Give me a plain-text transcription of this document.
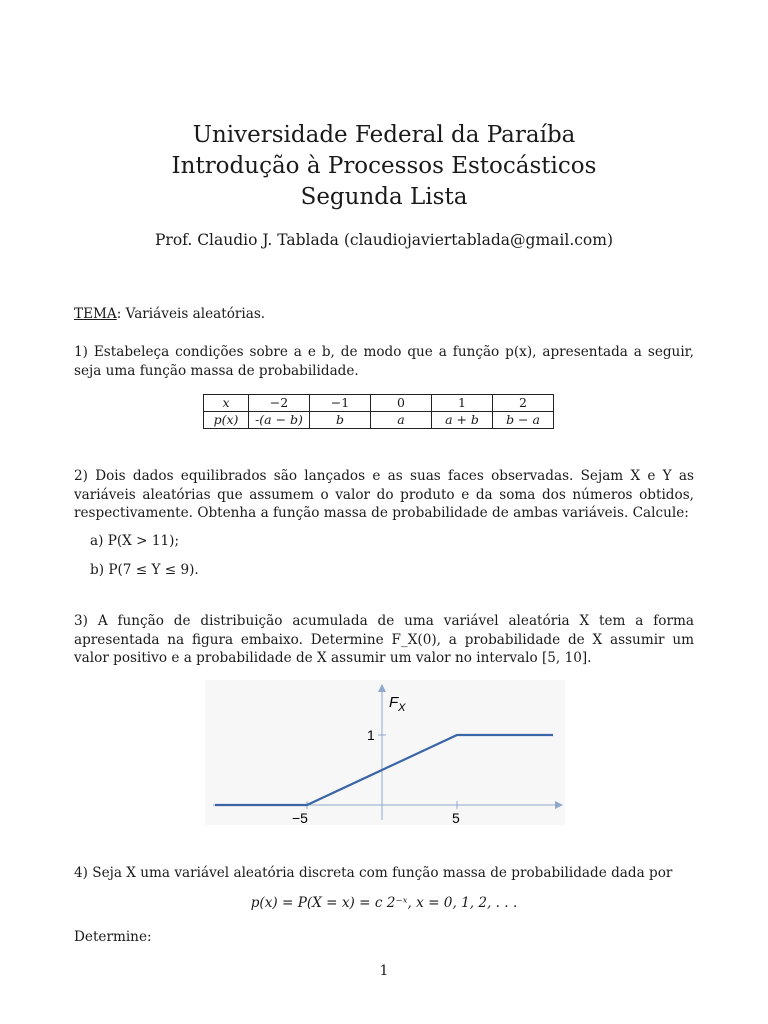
Universidade Federal da Paraíba
Introdução à Processos Estocásticos
Segunda Lista
Prof. Claudio J. Tablada (claudiojaviertablada@gmail.com)
TEMA: Variáveis aleatórias.
1) Estabeleça condições sobre a e b, de modo que a função p(x), apresentada a seguir, seja uma função massa de probabilidade.
x	−2	−1	0	1	2
p(x)	-(a − b)	b	a	a + b	b − a
2) Dois dados equilibrados são lançados e as suas faces observadas. Sejam X e Y as variáveis aleatórias que assumem o valor do produto e da soma dos números obtidos, respectivamente. Obtenha a função massa de probabilidade de ambas variáveis. Calcule:
a) P(X > 11);
b) P(7 ≤ Y ≤ 9).
3) A função de distribuição acumulada de uma variável aleatória X tem a forma apresentada na figura embaixo. Determine F_X(0), a probabilidade de X assumir um valor positivo e a probabilidade de X assumir um valor no intervalo [5, 10].
$F_X$
1
−5	5
4) Seja X uma variável aleatória discreta com função massa de probabilidade dada por
p(x) = P(X = x) = c 2⁻ˣ, x = 0, 1, 2, . . .
Determine:
1
